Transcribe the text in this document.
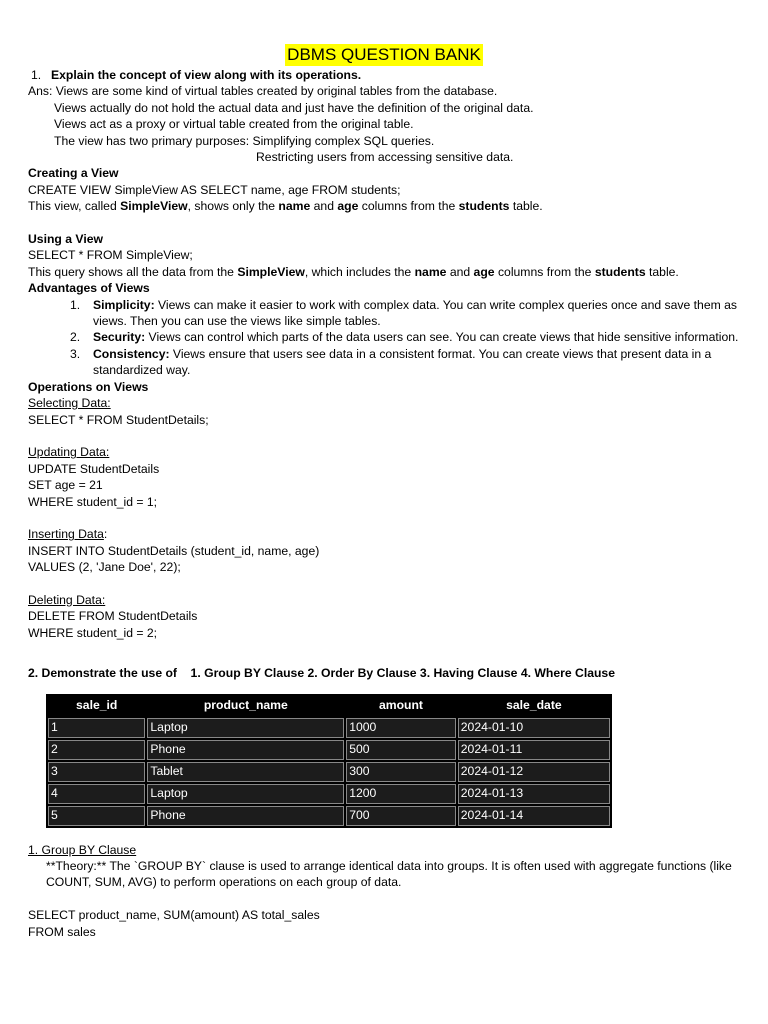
DBMS QUESTION BANK
1. Explain the concept of view along with its operations.
Ans: Views are some kind of virtual tables created by original tables from the database.
Views actually do not hold the actual data and just have the definition of the original data.
Views act as a proxy or virtual table created from the original table.
The view has two primary purposes: Simplifying complex SQL queries.
Restricting users from accessing sensitive data.
Creating a View
CREATE VIEW SimpleView AS SELECT name, age FROM students;
This view, called SimpleView, shows only the name and age columns from the students table.
Using a View
SELECT * FROM SimpleView;
This query shows all the data from the SimpleView, which includes the name and age columns from the students table.
Advantages of Views
1. Simplicity: Views can make it easier to work with complex data. You can write complex queries once and save them as views. Then you can use the views like simple tables.
2. Security: Views can control which parts of the data users can see. You can create views that hide sensitive information.
3. Consistency: Views ensure that users see data in a consistent format. You can create views that present data in a standardized way.
Operations on Views
Selecting Data:
SELECT * FROM StudentDetails;
Updating Data:
UPDATE StudentDetails
SET age = 21
WHERE student_id = 1;
Inserting Data:
INSERT INTO StudentDetails (student_id, name, age)
VALUES (2, 'Jane Doe', 22);
Deleting Data:
DELETE FROM StudentDetails
WHERE student_id = 2;
2. Demonstrate the use of    1. Group BY Clause 2. Order By Clause 3. Having Clause 4. Where Clause
sale_id	product_name	amount	sale_date
1	Laptop	1000	2024-01-10
2	Phone	500	2024-01-11
3	Tablet	300	2024-01-12
4	Laptop	1200	2024-01-13
5	Phone	700	2024-01-14
1. Group BY Clause
**Theory:** The `GROUP BY` clause is used to arrange identical data into groups. It is often used with aggregate functions (like COUNT, SUM, AVG) to perform operations on each group of data.
SELECT product_name, SUM(amount) AS total_sales
FROM sales
